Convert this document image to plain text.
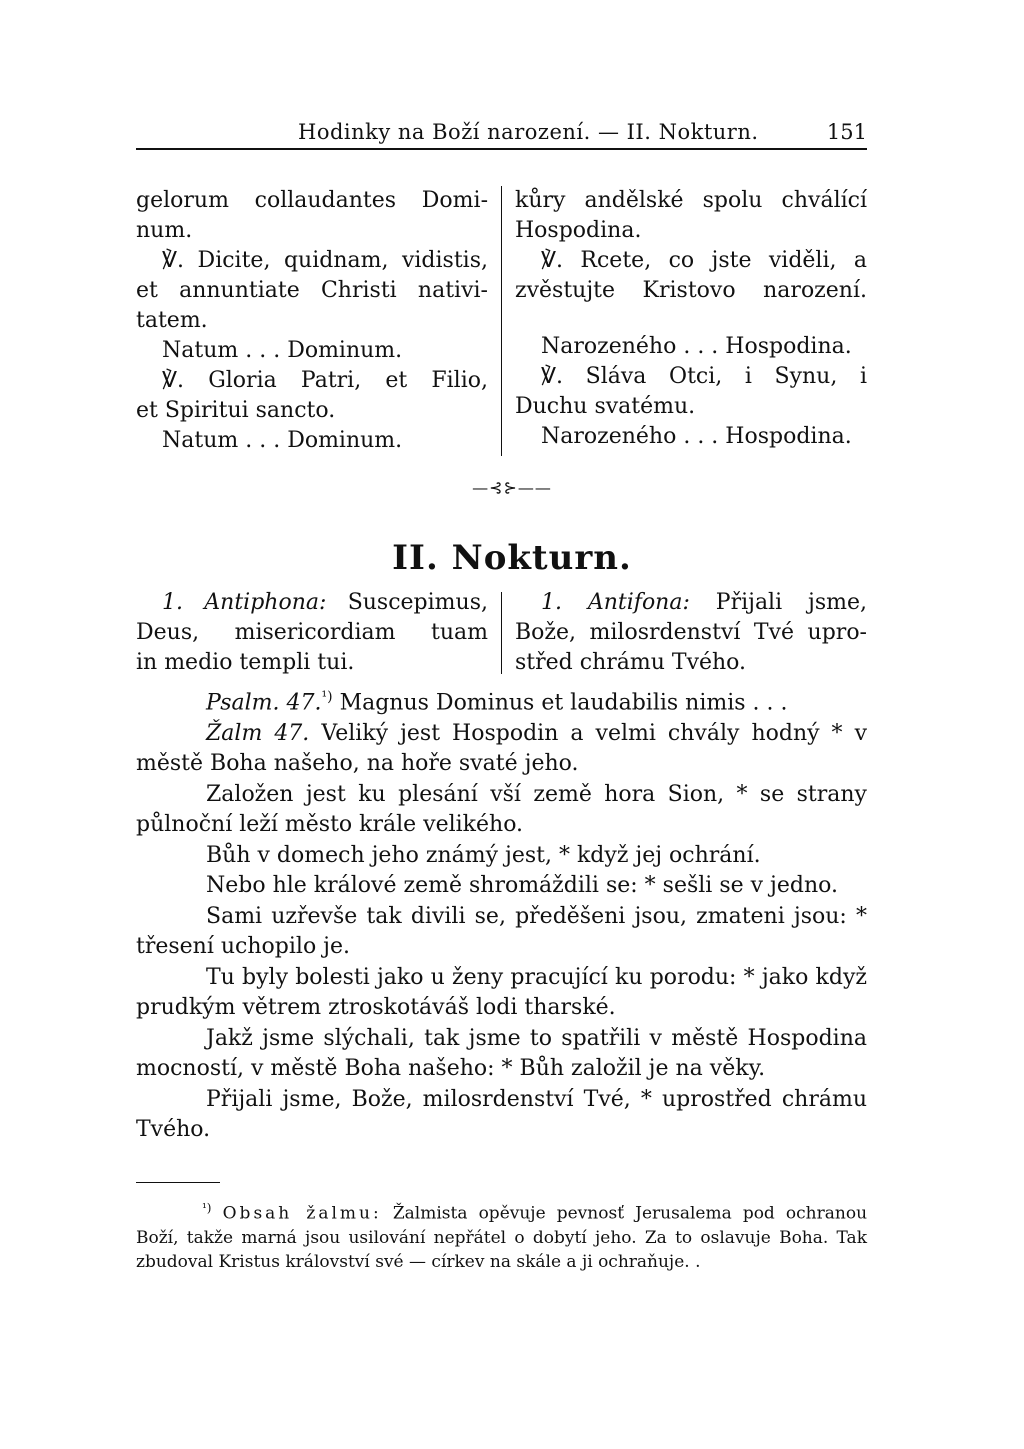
Hodinky na Boží narození. — II. Nokturn.	151
gelorum collaudantes Domi-
num.
℣. Dicite, quidnam, vidistis,
et annuntiate Christi nativi-
tatem.
Natum . . . Dominum.
℣. Gloria Patri, et Filio,
et Spiritui sancto.
Natum . . . Dominum.
kůry andělské spolu chválící
Hospodina.
℣. Rcete, co jste viděli, a
zvěstujte Kristovo narození.
Narozeného . . . Hospodina.
℣. Sláva Otci, i Synu, i
Duchu svatému.
Narozeného . . . Hospodina.
—⊰⊱——
II. Nokturn.
1. Antiphona: Suscepimus,
Deus, misericordiam tuam
in medio templi tui.
1. Antifona: Přijali jsme,
Bože, milosrdenství Tvé upro-
střed chrámu Tvého.

Psalm. 47.$^{^1)}$ Magnus Dominus et laudabilis nimis . . .

Žalm 47. Veliký jest Hospodin a velmi chvály hodný * v městě Boha našeho, na hoře svaté jeho.

Založen jest ku plesání vší země hora Sion, * se strany půlnoční leží město krále velikého.

Bůh v domech jeho známý jest, * když jej ochrání.

Nebo hle králové země shromáždili se: * sešli se v jedno.

Sami uzřevše tak divili se, předěšeni jsou, zmateni jsou: * třesení uchopilo je.

Tu byly bolesti jako u ženy pracující ku porodu: * jako když prudkým větrem ztroskotáváš lodi tharské.

Jakž jsme slýchali, tak jsme to spatřili v městě Hospodina mocností, v městě Boha našeho: * Bůh založil je na věky.

Přijali jsme, Bože, milosrdenství Tvé, * uprostřed chrámu Tvého.

$^{^1)}$ Obsah žalmu: Žalmista opěvuje pevnosť Jerusalema pod ochranou Boží, takže marná jsou usilování nepřátel o dobytí jeho. Za to oslavuje Boha. Tak zbudoval Kristus království své — církev na skále a ji ochraňuje. .
